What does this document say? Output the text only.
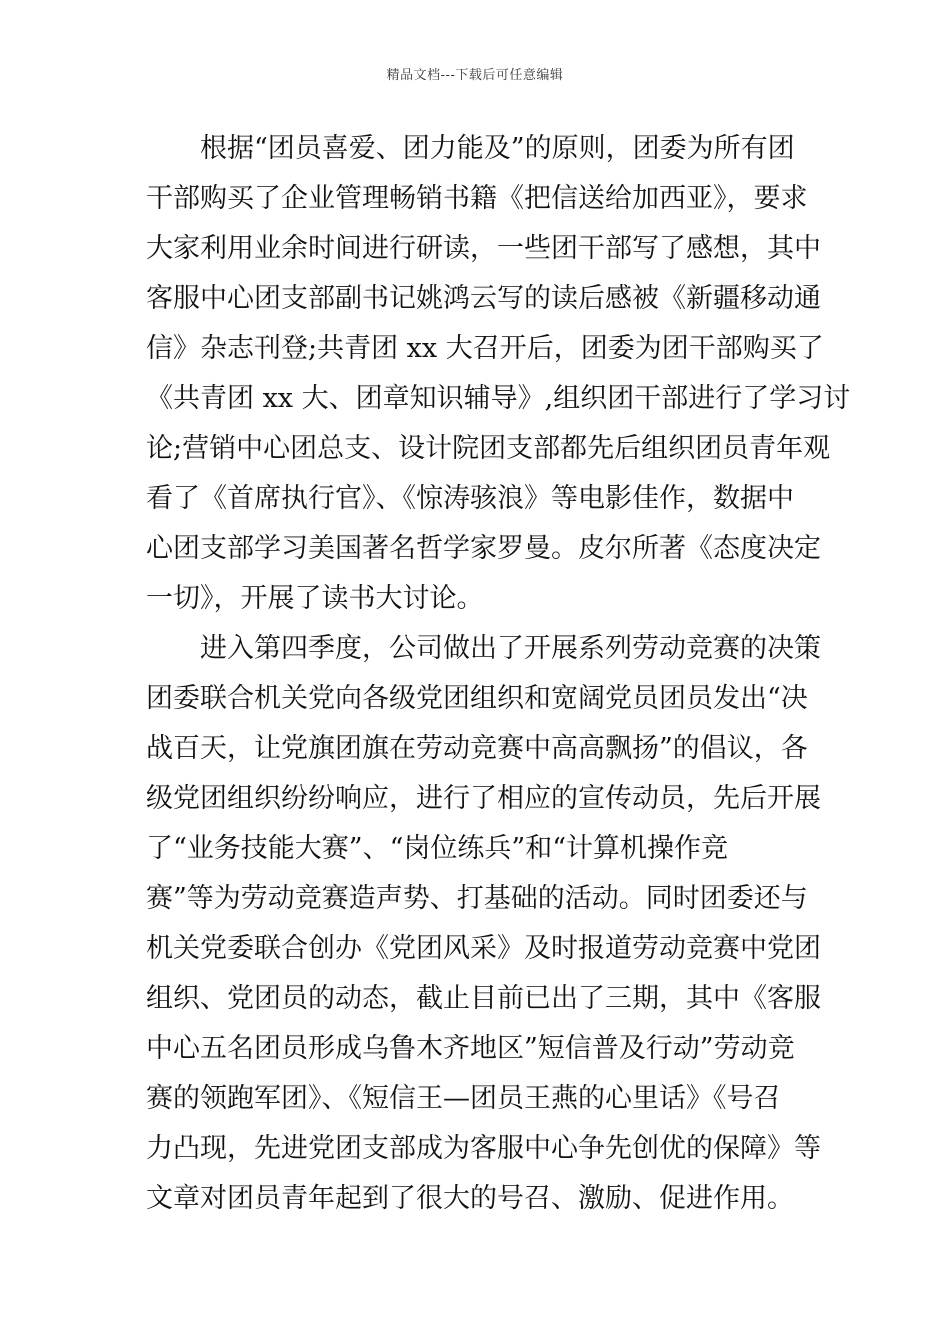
精品文档---下载后可任意编辑
根据“团员喜爱、团力能及”的原则，团委为所有团
干部购买了企业管理畅销书籍《把信送给加西亚》，要求
大家利用业余时间进行研读，一些团干部写了感想，其中
客服中心团支部副书记姚鸿云写的读后感被《新疆移动通
信》杂志刊登;共青团 xx 大召开后，团委为团干部购买了
《共青团 xx 大、团章知识辅导》,组织团干部进行了学习讨
论;营销中心团总支、设计院团支部都先后组织团员青年观
看了《首席执行官》、《惊涛骇浪》等电影佳作，数据中
心团支部学习美国著名哲学家罗曼。皮尔所著《态度决定
一切》，开展了读书大讨论。
进入第四季度，公司做出了开展系列劳动竞赛的决策
团委联合机关党向各级党团组织和宽阔党员团员发出“决
战百天，让党旗团旗在劳动竞赛中高高飘扬”的倡议，各
级党团组织纷纷响应，进行了相应的宣传动员，先后开展
了“业务技能大赛”、“岗位练兵”和“计算机操作竞
赛”等为劳动竞赛造声势、打基础的活动。同时团委还与
机关党委联合创办《党团风采》及时报道劳动竞赛中党团
组织、党团员的动态，截止目前已出了三期，其中《客服
中心五名团员形成乌鲁木齐地区”短信普及行动”劳动竞
赛的领跑军团》、《短信王—团员王燕的心里话》《号召
力凸现，先进党团支部成为客服中心争先创优的保障》等
文章对团员青年起到了很大的号召、激励、促进作用。
